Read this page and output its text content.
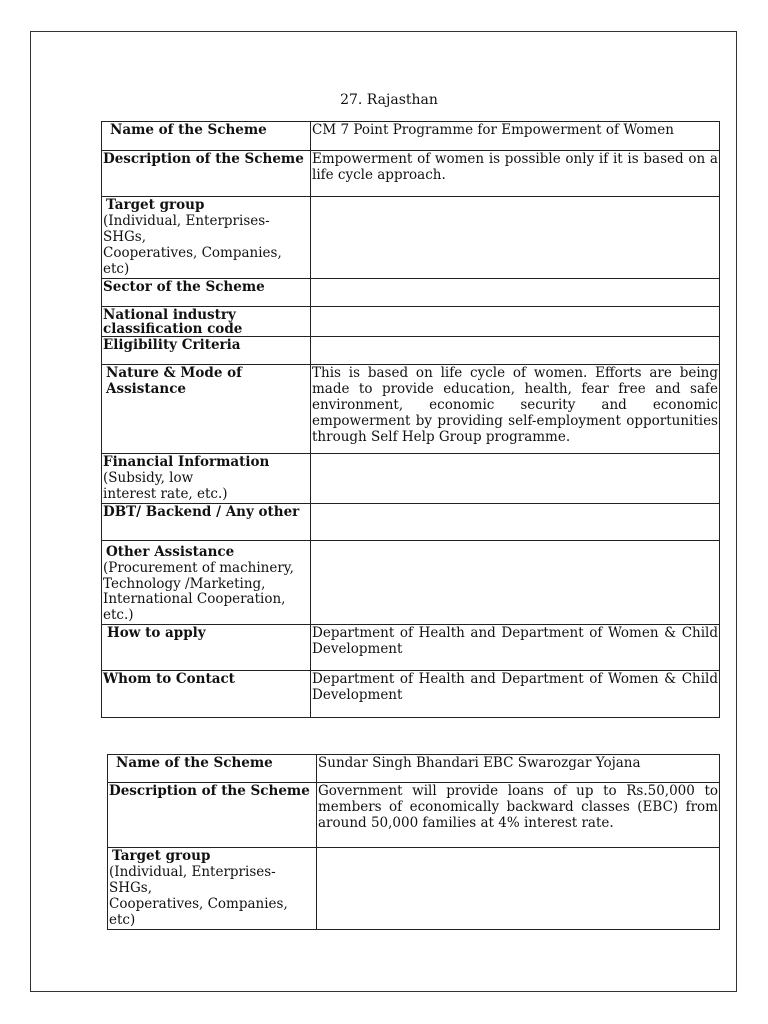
27. Rajasthan
Name of the Scheme	CM 7 Point Programme for Empowerment of Women

Description of the Scheme	Empowerment of women is possible only if it is based on a life cycle approach.

Target group
(Individual, Enterprises-SHGs,
Cooperatives, Companies, etc)	

Sector of the Scheme	

National industry classification code	

Eligibility Criteria	

Nature & Mode of Assistance	This is based on life cycle of women. Efforts are being made to provide education, health, fear free and safe environment, economic security and economic empowerment by providing self-employment opportunities through Self Help Group programme.

Financial Information
(Subsidy, low
interest rate, etc.)	

DBT/ Backend / Any other	

Other Assistance
(Procurement of machinery,
Technology /Marketing,
International Cooperation,
etc.)	

How to apply	Department of Health and Department of Women & Child Development

Whom to Contact	Department of Health and Department of Women & Child Development
Name of the Scheme	Sundar Singh Bhandari EBC Swarozgar Yojana

Description of the Scheme	Government will provide loans of up to Rs.50,000 to members of economically backward classes (EBC) from around 50,000 families at 4% interest rate.

Target group
(Individual, Enterprises-SHGs,
Cooperatives, Companies, etc)	
